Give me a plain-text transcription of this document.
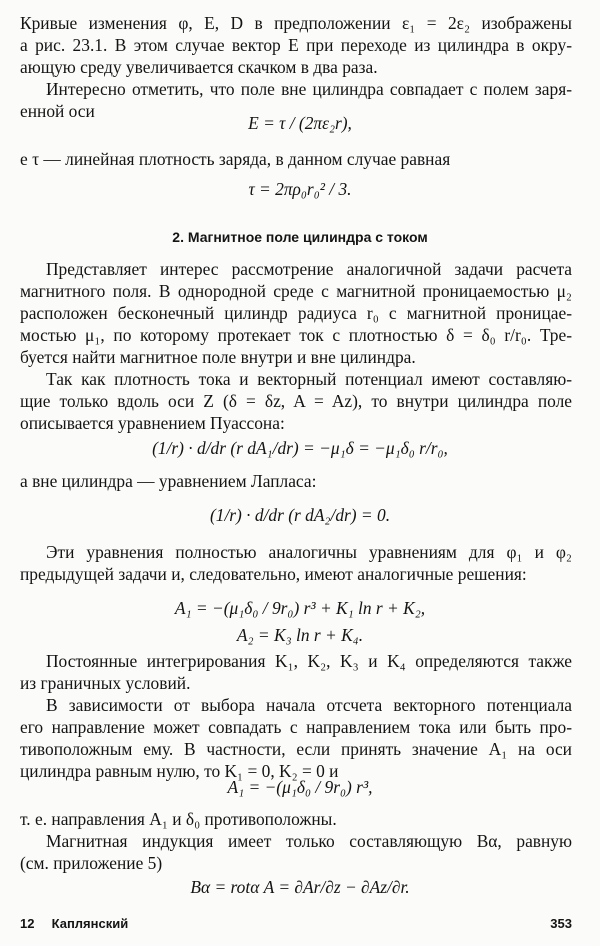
Кривые изменения φ, E, D в предположении ε₁ = 2ε₂ изображены
а рис. 23.1. В этом случае вектор E при переходе из цилиндра в окру-
ающую среду увеличивается скачком в два раза.
Интересно отметить, что поле вне цилиндра совпадает с полем заря-
енной оси
E = τ / (2πε₂r),
е τ — линейная плотность заряда, в данном случае равная
τ = 2πρ₀r₀² / 3.
2. Магнитное поле цилиндра с током
Представляет интерес рассмотрение аналогичной задачи расчета
магнитного поля. В однородной среде с магнитной проницаемостью μ₂
расположен бесконечный цилиндр радиуса r₀ с магнитной проницае-
мостью μ₁, по которому протекает ток с плотностью δ = δ₀ r/r₀. Тре-
буется найти магнитное поле внутри и вне цилиндра.
Так как плотность тока и векторный потенциал имеют составляю-
щие только вдоль оси Z (δ = δz, A = Az), то внутри цилиндра поле
описывается уравнением Пуассона:
(1/r) · d/dr (r dA₁/dr) = −μ₁δ = −μ₁δ₀ r/r₀,
а вне цилиндра — уравнением Лапласа:
(1/r) · d/dr (r dA₂/dr) = 0.
Эти уравнения полностью аналогичны уравнениям для φ₁ и φ₂
предыдущей задачи и, следовательно, имеют аналогичные решения:
A₁ = −(μ₁δ₀ / 9r₀) r³ + K₁ ln r + K₂,
A₂ = K₃ ln r + K₄.
Постоянные интегрирования K₁, K₂, K₃ и K₄ определяются также
из граничных условий.
В зависимости от выбора начала отсчета векторного потенциала
его направление может совпадать с направлением тока или быть про-
тивоположным ему. В частности, если принять значение A₁ на оси
цилиндра равным нулю, то K₁ = 0, K₂ = 0 и
A₁ = −(μ₁δ₀ / 9r₀) r³,
т. е. направления A₁ и δ₀ противоположны.
Магнитная индукция имеет только составляющую Bα, равную
(см. приложение 5)
Bα = rotα A = ∂Ar/∂z − ∂Az/∂r.
12 Каплянский	353
